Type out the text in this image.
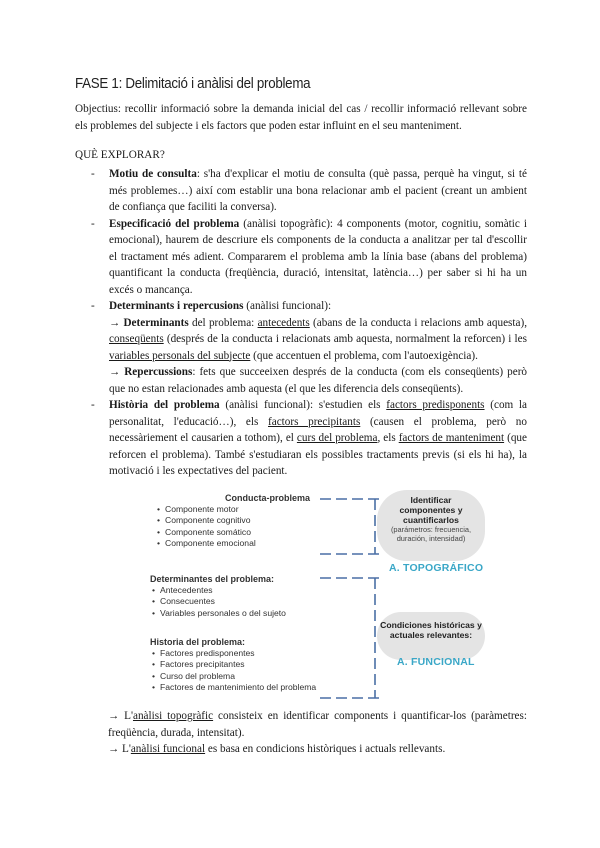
FASE 1: Delimitació i anàlisi del problema
Objectius: recollir informació sobre la demanda inicial del cas / recollir informació rellevant sobre els problemes del subjecte i els factors que poden estar influint en el seu manteniment.
QUÈ EXPLORAR?
- Motiu de consulta: s'ha d'explicar el motiu de consulta (què passa, perquè ha vingut, si té més problemes…) així com establir una bona relacionar amb el pacient (creant un ambient de confiança que faciliti la conversa).
- Especificació del problema (anàlisi topogràfic): 4 components (motor, cognitiu, somàtic i emocional), haurem de descriure els components de la conducta a analitzar per tal d'escollir el tractament més adient. Compararem el problema amb la línia base (abans del problema) quantificant la conducta (freqüència, duració, intensitat, latència…) per saber si hi ha un excés o mancança.
- Determinants i repercusions (anàlisi funcional):
→ Determinants del problema: antecedents (abans de la conducta i relacions amb aquesta), conseqüents (després de la conducta i relacionats amb aquesta, normalment la reforcen) i les variables personals del subjecte (que accentuen el problema, com l'autoexigència).
→ Repercussions: fets que succeeixen després de la conducta (com els conseqüents) però que no estan relacionades amb aquesta (el que les diferencia dels conseqüents).
- Història del problema (anàlisi funcional): s'estudien els factors predisponents (com la personalitat, l'educació…), els factors precipitants (causen el problema, però no necessàriement el causarien a tothom), el curs del problema, els factors de manteniment (que reforcen el problema). També s'estudiaran els possibles tractaments previs (si els hi ha), la motivació i les expectatives del pacient.
Conducta-problema
• Componente motor
• Componente cognitivo
• Componente somático
• Componente emocional
Determinantes del problema:
• Antecedentes
• Consecuentes
• Variables personales o del sujeto
Historia del problema:
• Factores predisponentes
• Factores precipitantes
• Curso del problema
• Factores de mantenimiento del problema
Identificar
componentes y
cuantificarlos
(parámetros: frecuencia,
duración, intensidad)
A. TOPOGRÁFICO
Condiciones históricas y
actuales relevantes:
A. FUNCIONAL
→ L'anàlisi topogràfic consisteix en identificar components i quantificar-los (paràmetres: freqüència, durada, intensitat).
→ L'anàlisi funcional es basa en condicions històriques i actuals rellevants.
